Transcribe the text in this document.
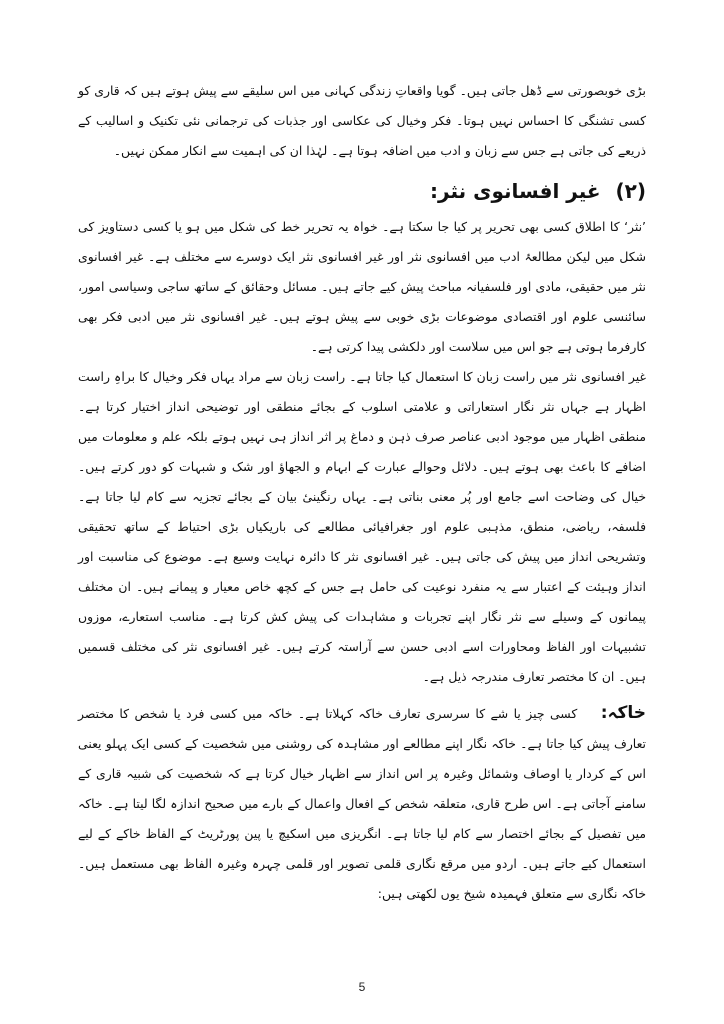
بڑی خوبصورتی سے ڈھل جاتی ہیں۔ گویا واقعاتِ زندگی کہانی میں اس سلیقے سے پیش ہوتے ہیں کہ قاری کو کسی تشنگی کا احساس نہیں ہوتا۔ فکر وخیال کی عکاسی اور جذبات کی ترجمانی نئی تکنیک و اسالیب کے ذریعے کی جاتی ہے جس سے زبان و ادب میں اضافہ ہوتا ہے۔ لہٰذا ان کی اہمیت سے انکار ممکن نہیں۔

(۲) غیر افسانوی نثر:

’نثر‘ کا اطلاق کسی بھی تحریر پر کیا جا سکتا ہے۔ خواہ یہ تحریر خط کی شکل میں ہو یا کسی دستاویز کی شکل میں لیکن مطالعۂ ادب میں افسانوی نثر اور غیر افسانوی نثر ایک دوسرے سے مختلف ہے۔ غیر افسانوی نثر میں حقیقی، مادی اور فلسفیانہ مباحث پیش کیے جاتے ہیں۔ مسائل وحقائق کے ساتھ ساجی وسیاسی امور، سائنسی علوم اور اقتصادی موضوعات بڑی خوبی سے پیش ہوتے ہیں۔ غیر افسانوی نثر میں ادبی فکر بھی کارفرما ہوتی ہے جو اس میں سلاست اور دلکشی پیدا کرتی ہے۔

غیر افسانوی نثر میں راست زبان کا استعمال کیا جاتا ہے۔ راست زبان سے مراد یہاں فکر وخیال کا براہِ راست اظہار ہے جہاں نثر نگار استعاراتی و علامتی اسلوب کے بجائے منطقی اور توضیحی انداز اختیار کرتا ہے۔ منطقی اظہار میں موجود ادبی عناصر صرف ذہن و دماغ پر اثر انداز ہی نہیں ہوتے بلکہ علم و معلومات میں اضافے کا باعث بھی ہوتے ہیں۔ دلائل وحوالے عبارت کے ابہام و الجھاؤ اور شک و شبہات کو دور کرتے ہیں۔ خیال کی وضاحت اسے جامع اور پُر معنی بناتی ہے۔ یہاں رنگینیٔ بیان کے بجائے تجزیہ سے کام لیا جاتا ہے۔ فلسفہ، ریاضی، منطق، مذہبی علوم اور جغرافیائی مطالعے کی باریکیاں بڑی احتیاط کے ساتھ تحقیقی وتشریحی انداز میں پیش کی جاتی ہیں۔ غیر افسانوی نثر کا دائرہ نہایت وسیع ہے۔ موضوع کی مناسبت اور انداز وہیئت کے اعتبار سے یہ منفرد نوعیت کی حامل ہے جس کے کچھ خاص معیار و پیمانے ہیں۔ ان مختلف پیمانوں کے وسیلے سے نثر نگار اپنے تجربات و مشاہدات کی پیش کش کرتا ہے۔ مناسب استعارے، موزوں تشبیہات اور الفاظ ومحاورات اسے ادبی حسن سے آراستہ کرتے ہیں۔ غیر افسانوی نثر کی مختلف قسمیں ہیں۔ ان کا مختصر تعارف مندرجہ ذیل ہے۔

خاکہ: کسی چیز یا شے کا سرسری تعارف خاکہ کہلاتا ہے۔ خاکہ میں کسی فرد یا شخص کا مختصر تعارف پیش کیا جاتا ہے۔ خاکہ نگار اپنے مطالعے اور مشاہدہ کی روشنی میں شخصیت کے کسی ایک پہلو یعنی اس کے کردار یا اوصاف وشمائل وغیرہ پر اس انداز سے اظہار خیال کرتا ہے کہ شخصیت کی شبیہ قاری کے سامنے آجاتی ہے۔ اس طرح قاری، متعلقہ شخص کے افعال واعمال کے بارے میں صحیح اندازہ لگا لیتا ہے۔ خاکہ میں تفصیل کے بجائے اختصار سے کام لیا جاتا ہے۔ انگریزی میں اسکیچ یا پین پورٹریٹ کے الفاظ خاکے کے لیے استعمال کیے جاتے ہیں۔ اردو میں مرقع نگاری قلمی تصویر اور قلمی چہرہ وغیرہ الفاظ بھی مستعمل ہیں۔ خاکہ نگاری سے متعلق فہمیدہ شیخ یوں لکھتی ہیں:

5
